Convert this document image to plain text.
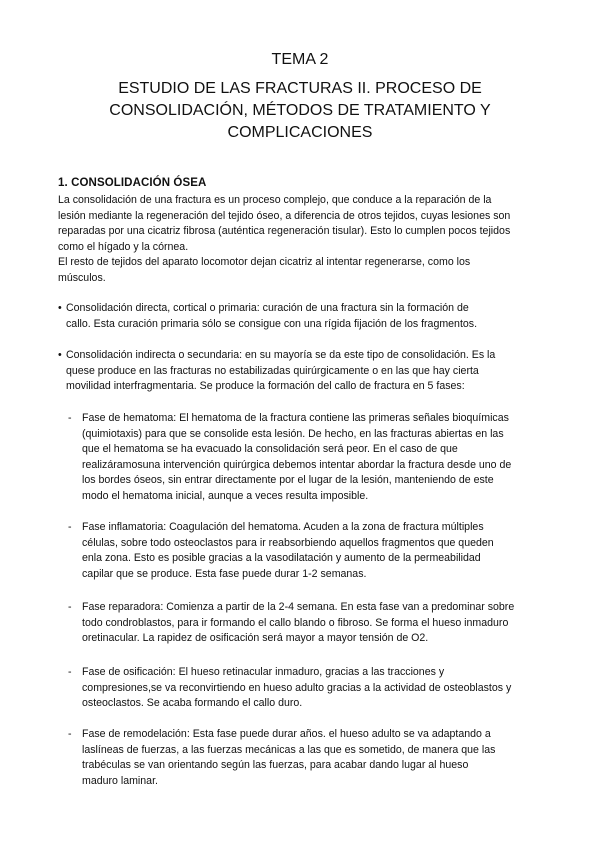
TEMA 2
ESTUDIO DE LAS FRACTURAS II. PROCESO DE
CONSOLIDACIÓN, MÉTODOS DE TRATAMIENTO Y
COMPLICACIONES
1. CONSOLIDACIÓN ÓSEA
La consolidación de una fractura es un proceso complejo, que conduce a la reparación de la
lesión mediante la regeneración del tejido óseo, a diferencia de otros tejidos, cuyas lesiones son
reparadas por una cicatriz fibrosa (auténtica regeneración tisular). Esto lo cumplen pocos tejidos
como el hígado y la córnea.
El resto de tejidos del aparato locomotor dejan cicatriz al intentar regenerarse, como los
músculos.
• Consolidación directa, cortical o primaria: curación de una fractura sin la formación de
callo. Esta curación primaria sólo se consigue con una rígida fijación de los fragmentos.
• Consolidación indirecta o secundaria: en su mayoría se da este tipo de consolidación. Es la
quese produce en las fracturas no estabilizadas quirúrgicamente o en las que hay cierta
movilidad interfragmentaria. Se produce la formación del callo de fractura en 5 fases:
- Fase de hematoma: El hematoma de la fractura contiene las primeras señales bioquímicas
(quimiotaxis) para que se consolide esta lesión. De hecho, en las fracturas abiertas en las
que el hematoma se ha evacuado la consolidación será peor. En el caso de que
realizáramosuna intervención quirúrgica debemos intentar abordar la fractura desde uno de
los bordes óseos, sin entrar directamente por el lugar de la lesión, manteniendo de este
modo el hematoma inicial, aunque a veces resulta imposible.
- Fase inflamatoria: Coagulación del hematoma. Acuden a la zona de fractura múltiples
células, sobre todo osteoclastos para ir reabsorbiendo aquellos fragmentos que queden
enla zona. Esto es posible gracias a la vasodilatación y aumento de la permeabilidad
capilar que se produce. Esta fase puede durar 1-2 semanas.
- Fase reparadora: Comienza a partir de la 2-4 semana. En esta fase van a predominar sobre
todo condroblastos, para ir formando el callo blando o fibroso. Se forma el hueso inmaduro
oretinacular. La rapidez de osificación será mayor a mayor tensión de O2.
- Fase de osificación: El hueso retinacular inmaduro, gracias a las tracciones y
compresiones,se va reconvirtiendo en hueso adulto gracias a la actividad de osteoblastos y
osteoclastos. Se acaba formando el callo duro.
- Fase de remodelación: Esta fase puede durar años. el hueso adulto se va adaptando a
laslíneas de fuerzas, a las fuerzas mecánicas a las que es sometido, de manera que las
trabéculas se van orientando según las fuerzas, para acabar dando lugar al hueso
maduro laminar.
